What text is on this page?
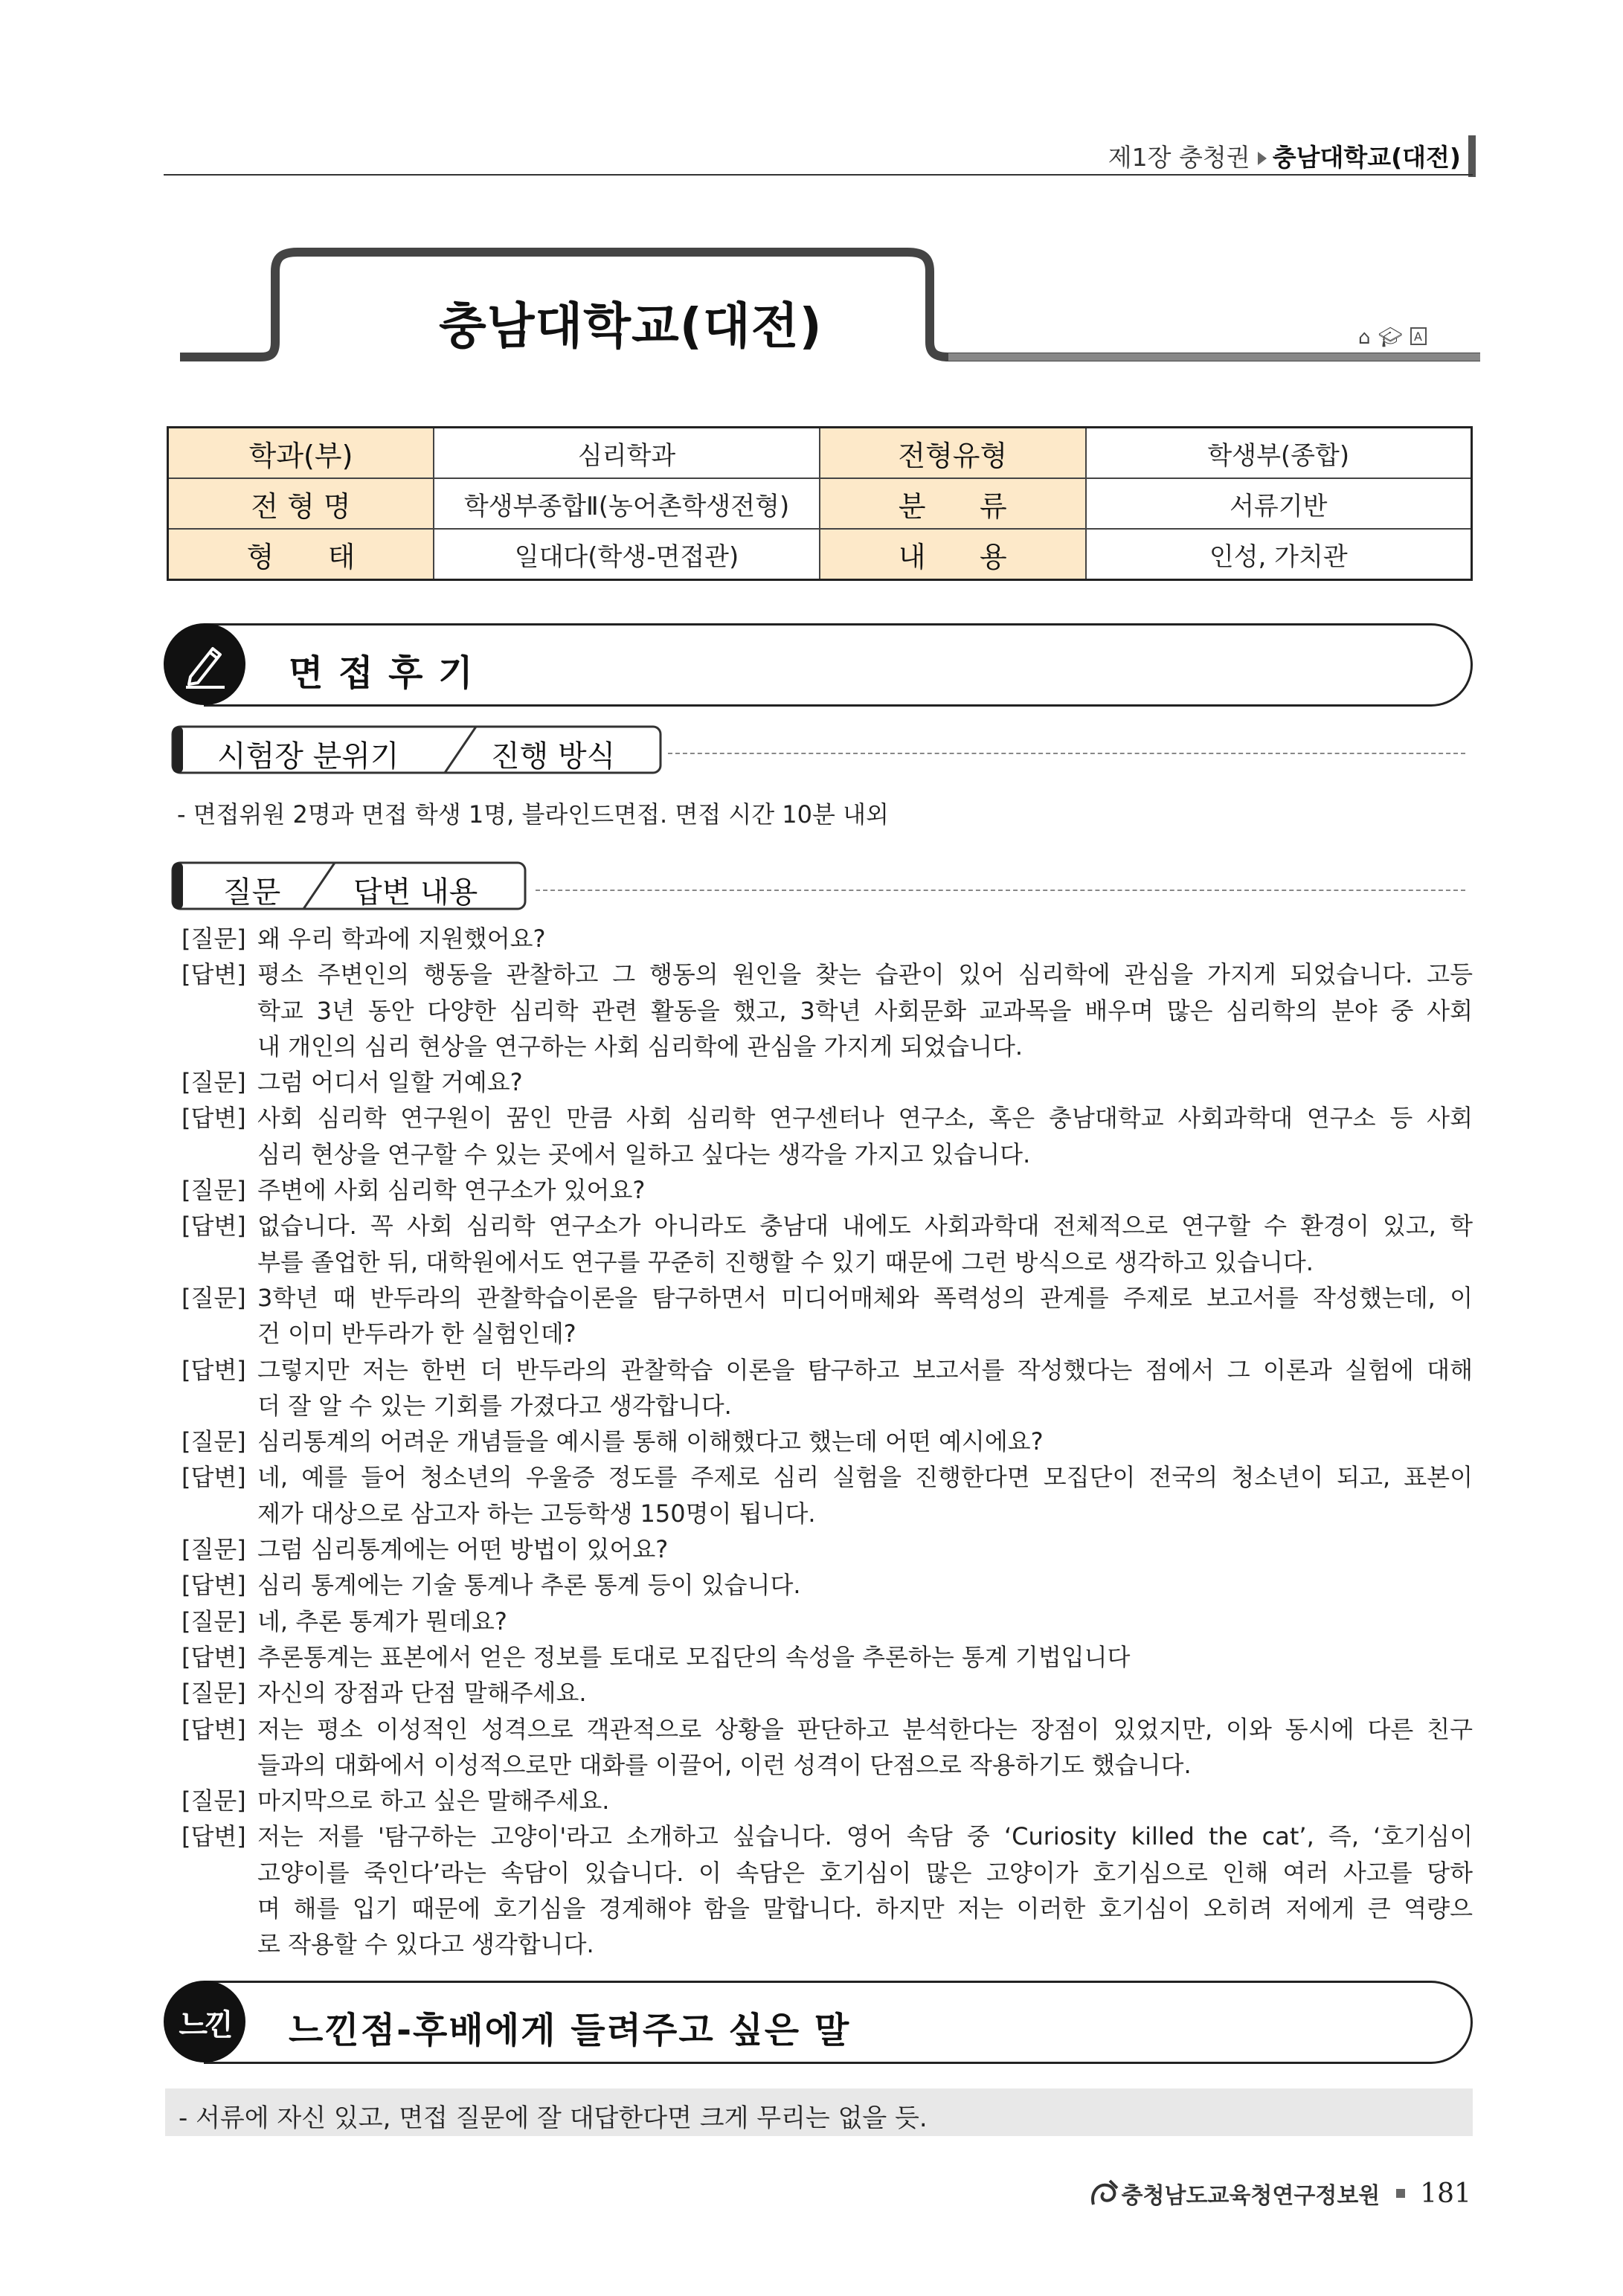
제1장 충청권 충남대학교(대전)
충남대학교(대전)	⌂ 🎓︎ A
학과(부)	심리학과	전형유형	학생부(종합)
전 형 명	학생부종합Ⅱ(농어촌학생전형)	분      류	서류기반
형      태	일대다(학생-면접관)	내      용	인성, 가치관
면 접 후 기
시험장 분위기	진행 방식
- 면접위원 2명과 면접 학생 1명, 블라인드면접. 면접 시간 10분 내외
질문 답변 내용
[질문] 왜 우리 학과에 지원했어요?
[답변] 평소 주변인의 행동을 관찰하고 그 행동의 원인을 찾는 습관이 있어 심리학에 관심을 가지게 되었습니다. 고등
학교 3년 동안 다양한 심리학 관련 활동을 했고, 3학년 사회문화 교과목을 배우며 많은 심리학의 분야 중 사회
내 개인의 심리 현상을 연구하는 사회 심리학에 관심을 가지게 되었습니다.
[질문] 그럼 어디서 일할 거예요?
[답변] 사회 심리학 연구원이 꿈인 만큼 사회 심리학 연구센터나 연구소, 혹은 충남대학교 사회과학대 연구소 등 사회
심리 현상을 연구할 수 있는 곳에서 일하고 싶다는 생각을 가지고 있습니다.
[질문] 주변에 사회 심리학 연구소가 있어요?
[답변] 없습니다. 꼭 사회 심리학 연구소가 아니라도 충남대 내에도 사회과학대 전체적으로 연구할 수 환경이 있고, 학
부를 졸업한 뒤, 대학원에서도 연구를 꾸준히 진행할 수 있기 때문에 그런 방식으로 생각하고 있습니다.
[질문] 3학년 때 반두라의 관찰학습이론을 탐구하면서 미디어매체와 폭력성의 관계를 주제로 보고서를 작성했는데, 이
건 이미 반두라가 한 실험인데?
[답변] 그렇지만 저는 한번 더 반두라의 관찰학습 이론을 탐구하고 보고서를 작성했다는 점에서 그 이론과 실험에 대해
더 잘 알 수 있는 기회를 가졌다고 생각합니다.
[질문] 심리통계의 어려운 개념들을 예시를 통해 이해했다고 했는데 어떤 예시에요?
[답변] 네, 예를 들어 청소년의 우울증 정도를 주제로 심리 실험을 진행한다면 모집단이 전국의 청소년이 되고, 표본이
제가 대상으로 삼고자 하는 고등학생 150명이 됩니다.
[질문] 그럼 심리통계에는 어떤 방법이 있어요?
[답변] 심리 통계에는 기술 통계나 추론 통계 등이 있습니다.
[질문] 네, 추론 통계가 뭔데요?
[답변] 추론통계는 표본에서 얻은 정보를 토대로 모집단의 속성을 추론하는 통계 기법입니다
[질문] 자신의 장점과 단점 말해주세요.
[답변] 저는 평소 이성적인 성격으로 객관적으로 상황을 판단하고 분석한다는 장점이 있었지만, 이와 동시에 다른 친구
들과의 대화에서 이성적으로만 대화를 이끌어, 이런 성격이 단점으로 작용하기도 했습니다.
[질문] 마지막으로 하고 싶은 말해주세요.
[답변] 저는 저를 '탐구하는 고양이'라고 소개하고 싶습니다. 영어 속담 중 ‘Curiosity killed the cat’, 즉, ‘호기심이
고양이를 죽인다’라는 속담이 있습니다. 이 속담은 호기심이 많은 고양이가 호기심으로 인해 여러 사고를 당하
며 해를 입기 때문에 호기심을 경계해야 함을 말합니다. 하지만 저는 이러한 호기심이 오히려 저에게 큰 역량으
로 작용할 수 있다고 생각합니다.
느낀 느낀점-후배에게 들려주고 싶은 말
- 서류에 자신 있고, 면접 질문에 잘 대답한다면 크게 무리는 없을 듯.
충청남도교육청연구정보원 181
